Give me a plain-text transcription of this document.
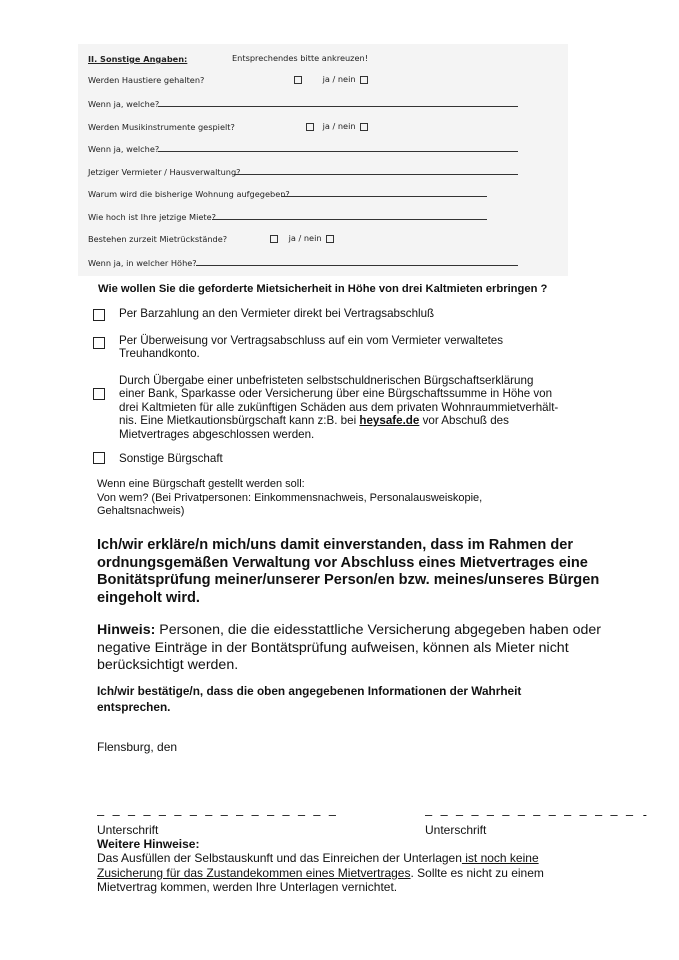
II. Sonstige Angaben:	Entsprechendes bitte ankreuzen!
Werden Haustiere gehalten?	ja / nein
Wenn ja, welche?
Werden Musikinstrumente gespielt?	ja / nein
Wenn ja, welche?
Jetziger Vermieter / Hausverwaltung?
Warum wird die bisherige Wohnung aufgegeben?
Wie hoch ist Ihre jetzige Miete?
Bestehen zurzeit Mietrückstände?	ja / nein
Wenn ja, in welcher Höhe?
Wie wollen Sie die geforderte Mietsicherheit in Höhe von drei Kaltmieten erbringen ?
Per Barzahlung an den Vermieter direkt bei Vertragsabschluß
Per Überweisung vor Vertragsabschluss auf ein vom Vermieter verwaltetes
Treuhandkonto.
Durch Übergabe einer unbefristeten selbstschuldnerischen Bürgschaftserklärung
einer Bank, Sparkasse oder Versicherung über eine Bürgschaftssumme in Höhe von
drei Kaltmieten für alle zukünftigen Schäden aus dem privaten Wohnraummietverhält-
nis. Eine Mietkautionsbürgschaft kann z:B. bei heysafe.de vor Abschuß des
Mietvertrages abgeschlossen werden.
Sonstige Bürgschaft
Wenn eine Bürgschaft gestellt werden soll:
Von wem? (Bei Privatpersonen: Einkommensnachweis, Personalausweiskopie,
Gehaltsnachweis)
Ich/wir erkläre/n mich/uns damit einverstanden, dass im Rahmen der
ordnungsgemäßen Verwaltung vor Abschluss eines Mietvertrages eine
Bonitätsprüfung meiner/unserer Person/en bzw. meines/unseres Bürgen
eingeholt wird.
Hinweis: Personen, die die eidesstattliche Versicherung abgegeben haben oder
negative Einträge in der Bontätsprüfung aufweisen, können als Mieter nicht
berücksichtigt werden.
Ich/wir bestätige/n, dass die oben angegebenen Informationen der Wahrheit
entsprechen.
Flensburg, den
— — — — — — — — — — — — — — — —	— — — — — — — — — — — — — — -
Unterschrift	Unterschrift
Weitere Hinweise:
Das Ausfüllen der Selbstauskunft und das Einreichen der Unterlagen ist noch keine
Zusicherung für das Zustandekommen eines Mietvertrages. Sollte es nicht zu einem
Mietvertrag kommen, werden Ihre Unterlagen vernichtet.
